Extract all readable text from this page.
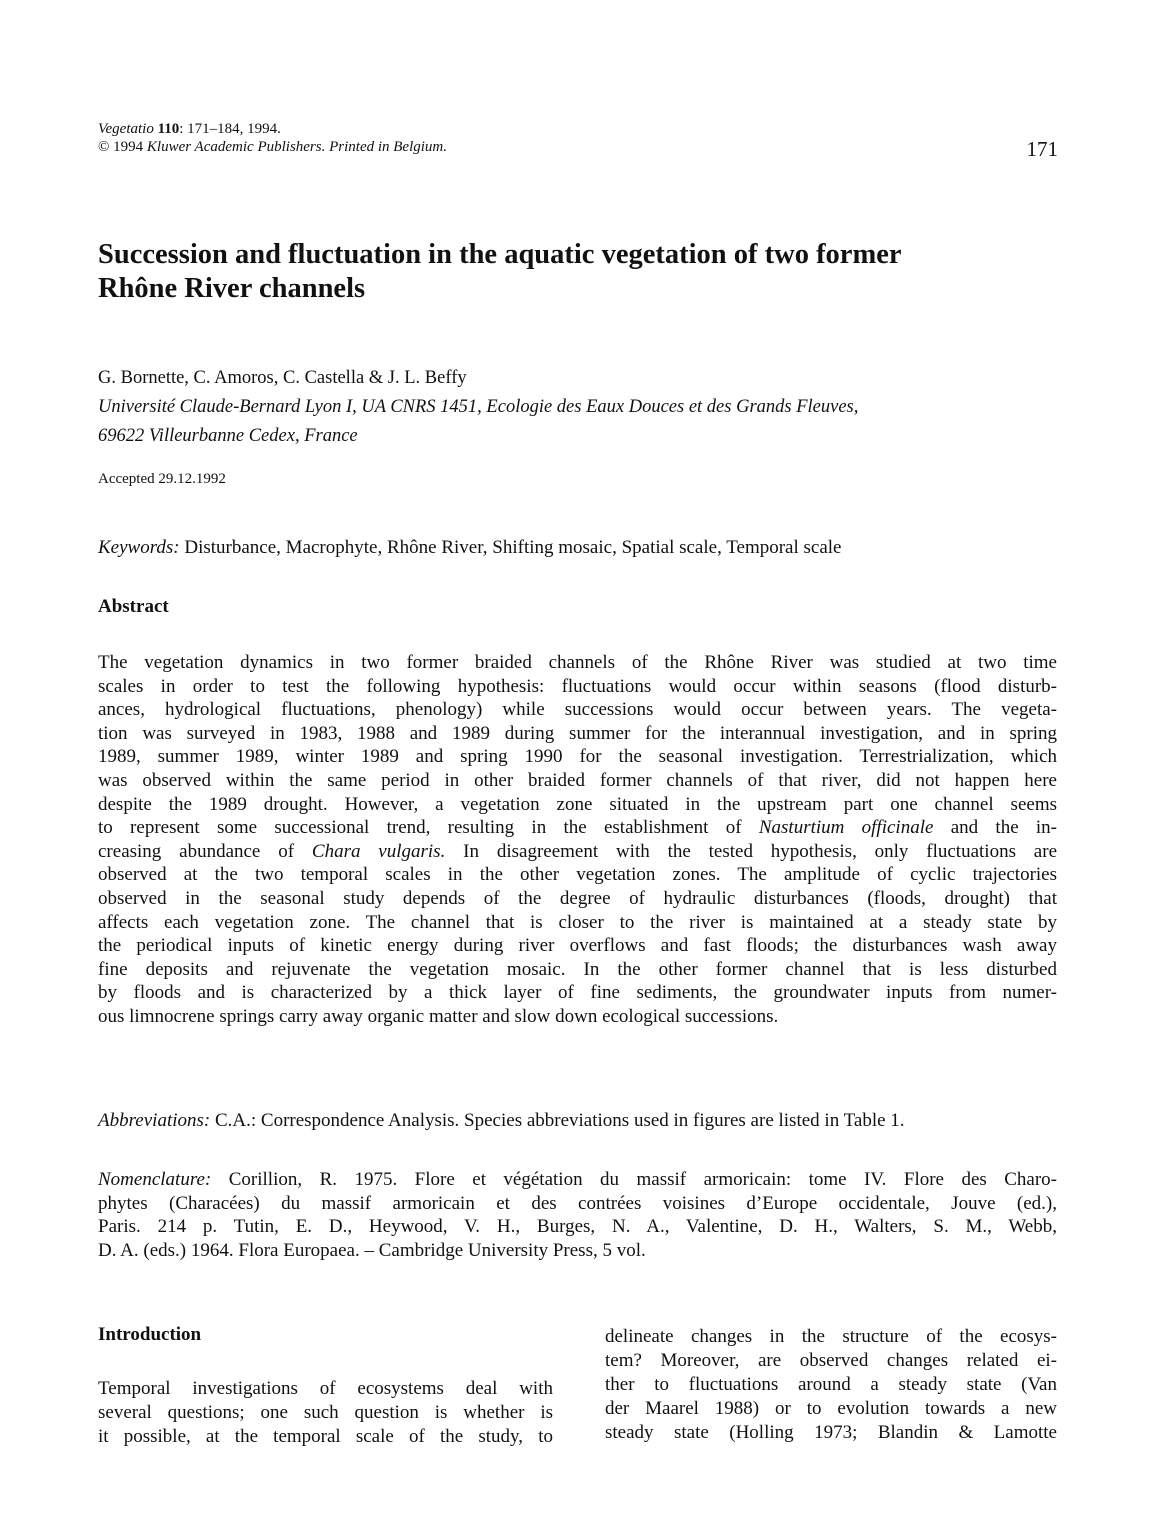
Vegetatio 110: 171–184, 1994.
© 1994 Kluwer Academic Publishers. Printed in Belgium.	171
Succession and fluctuation in the aquatic vegetation of two former
Rhône River channels
G. Bornette, C. Amoros, C. Castella & J. L. Beffy
Université Claude-Bernard Lyon I, UA CNRS 1451, Ecologie des Eaux Douces et des Grands Fleuves,
69622 Villeurbanne Cedex, France
Accepted 29.12.1992
Keywords: Disturbance, Macrophyte, Rhône River, Shifting mosaic, Spatial scale, Temporal scale
Abstract

The vegetation dynamics in two former braided channels of the Rhône River was studied at two time

scales in order to test the following hypothesis: fluctuations would occur within seasons (flood disturb-

ances, hydrological fluctuations, phenology) while successions would occur between years. The vegeta-

tion was surveyed in 1983, 1988 and 1989 during summer for the interannual investigation, and in spring

1989, summer 1989, winter 1989 and spring 1990 for the seasonal investigation. Terrestrialization, which

was observed within the same period in other braided former channels of that river, did not happen here

despite the 1989 drought. However, a vegetation zone situated in the upstream part one channel seems

to represent some successional trend, resulting in the establishment of Nasturtium officinale and the in-

creasing abundance of Chara vulgaris. In disagreement with the tested hypothesis, only fluctuations are

observed at the two temporal scales in the other vegetation zones. The amplitude of cyclic trajectories

observed in the seasonal study depends of the degree of hydraulic disturbances (floods, drought) that

affects each vegetation zone. The channel that is closer to the river is maintained at a steady state by

the periodical inputs of kinetic energy during river overflows and fast floods; the disturbances wash away

fine deposits and rejuvenate the vegetation mosaic. In the other former channel that is less disturbed

by floods and is characterized by a thick layer of fine sediments, the groundwater inputs from numer-

ous limnocrene springs carry away organic matter and slow down ecological successions.

Abbreviations: C.A.: Correspondence Analysis. Species abbreviations used in figures are listed in Table 1.

Nomenclature: Corillion, R. 1975. Flore et végétation du massif armoricain: tome IV. Flore des Charo-

phytes (Characées) du massif armoricain et des contrées voisines d’Europe occidentale, Jouve (ed.),

Paris. 214 p. Tutin, E. D., Heywood, V. H., Burges, N. A., Valentine, D. H., Walters, S. M., Webb,

D. A. (eds.) 1964. Flora Europaea. – Cambridge University Press, 5 vol.

Introduction

Temporal investigations of ecosystems deal with

several questions; one such question is whether is

it possible, at the temporal scale of the study, to

delineate changes in the structure of the ecosys-

tem? Moreover, are observed changes related ei-

ther to fluctuations around a steady state (Van

der Maarel 1988) or to evolution towards a new

steady state (Holling 1973; Blandin & Lamotte
